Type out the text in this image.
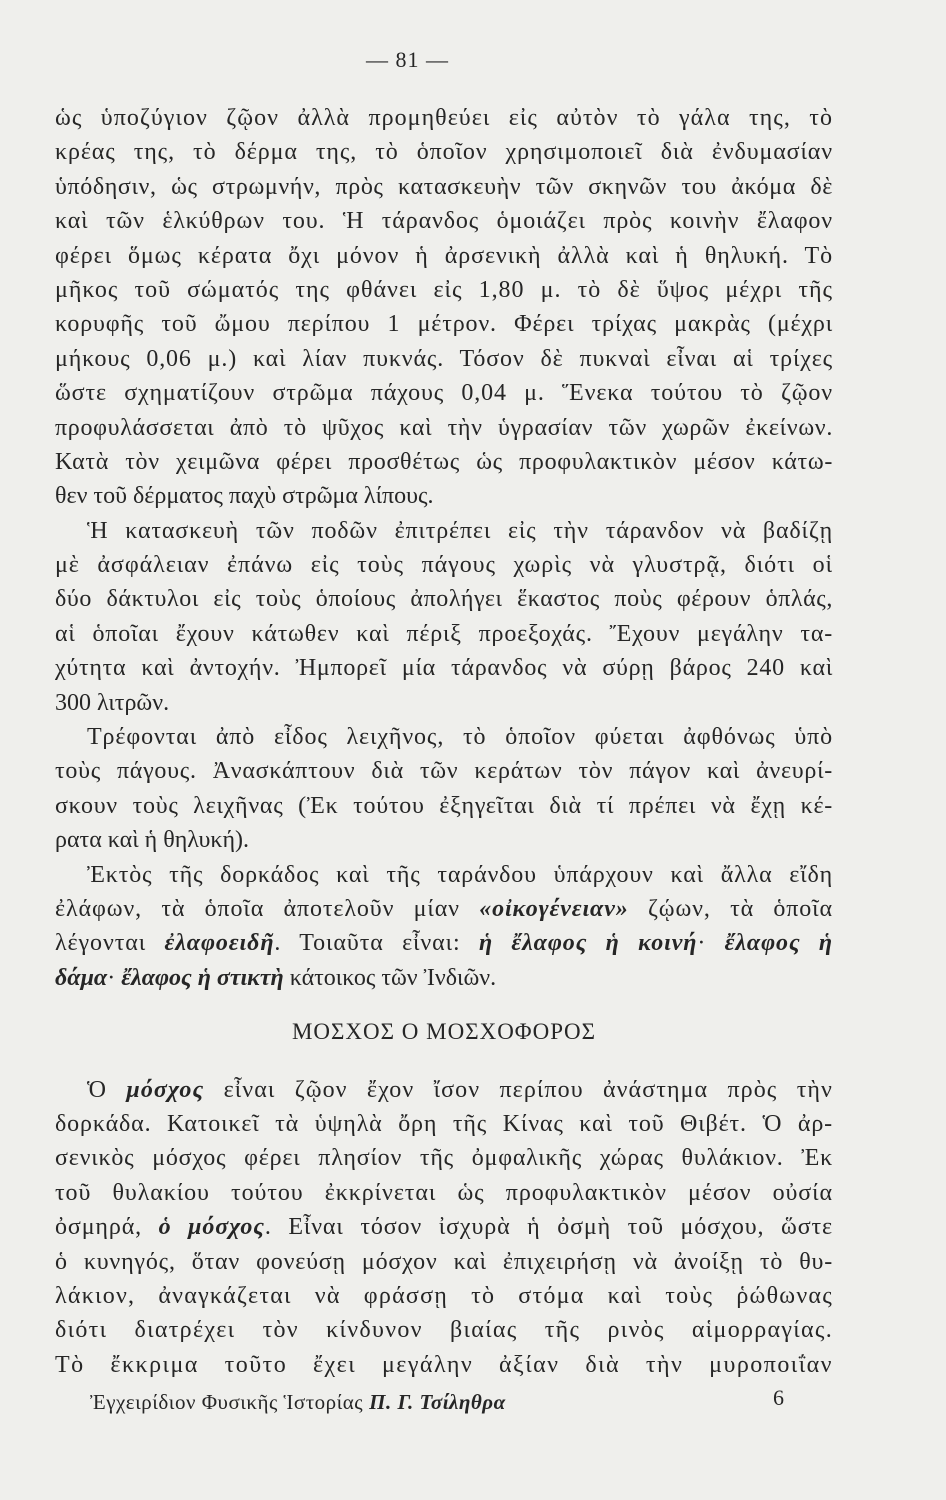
— 81 —
ὡς ὑποζύγιον ζῷον ἀλλὰ προμηθεύει εἰς αὐτὸν τὸ γάλα της, τὸ
κρέας της, τὸ δέρμα της, τὸ ὁποῖον χρησιμοποιεῖ διὰ ἐνδυμασίαν
ὑπόδησιν, ὡς στρωμνήν, πρὸς κατασκευὴν τῶν σκηνῶν του ἀκόμα δὲ
καὶ τῶν ἑλκύθρων του. Ἡ τάρανδος ὁμοιάζει πρὸς κοινὴν ἔλαφον
φέρει ὅμως κέρατα ὄχι μόνον ἡ ἀρσενικὴ ἀλλὰ καὶ ἡ θηλυκή. Τὸ
μῆκος τοῦ σώματός της φθάνει εἰς 1,80 μ. τὸ δὲ ὕψος μέχρι τῆς
κορυφῆς τοῦ ὤμου περίπου 1 μέτρον. Φέρει τρίχας μακρὰς (μέχρι
μήκους 0,06 μ.) καὶ λίαν πυκνάς. Τόσον δὲ πυκναὶ εἶναι αἱ τρίχες
ὥστε σχηματίζουν στρῶμα πάχους 0,04 μ. Ἕνεκα τούτου τὸ ζῷον
προφυλάσσεται ἀπὸ τὸ ψῦχος καὶ τὴν ὑγρασίαν τῶν χωρῶν ἐκείνων.
Κατὰ τὸν χειμῶνα φέρει προσθέτως ὡς προφυλακτικὸν μέσον κάτω-
θεν τοῦ δέρματος παχὺ στρῶμα λίπους.
Ἡ κατασκευὴ τῶν ποδῶν ἐπιτρέπει εἰς τὴν τάρανδον νὰ βαδίζῃ
μὲ ἀσφάλειαν ἐπάνω εἰς τοὺς πάγους χωρὶς νὰ γλυστρᾷ, διότι οἱ
δύο δάκτυλοι εἰς τοὺς ὁποίους ἀπολήγει ἕκαστος ποὺς φέρουν ὁπλάς,
αἱ ὁποῖαι ἔχουν κάτωθεν καὶ πέριξ προεξοχάς. Ἔχουν μεγάλην τα-
χύτητα καὶ ἀντοχήν. Ἠμπορεῖ μία τάρανδος νὰ σύρῃ βάρος 240 καὶ
300 λιτρῶν.
Τρέφονται ἀπὸ εἶδος λειχῆνος, τὸ ὁποῖον φύεται ἀφθόνως ὑπὸ
τοὺς πάγους. Ἀνασκάπτουν διὰ τῶν κεράτων τὸν πάγον καὶ ἀνευρί-
σκουν τοὺς λειχῆνας (Ἐκ τούτου ἐξηγεῖται διὰ τί πρέπει νὰ ἔχῃ κέ-
ρατα καὶ ἡ θηλυκή).
Ἐκτὸς τῆς δορκάδος καὶ τῆς ταράνδου ὑπάρχουν καὶ ἄλλα εἴδη
ἐλάφων, τὰ ὁποῖα ἀποτελοῦν μίαν «οἰκογένειαν» ζῴων, τὰ ὁποῖα
λέγονται ἐλαφοειδῆ. Τοιαῦτα εἶναι: ἡ ἔλαφος ἡ κοινή· ἔλαφος ἡ
δάμα· ἔλαφος ἡ στικτὴ κάτοικος τῶν Ἰνδιῶν.
ΜΟΣΧΟΣ Ο ΜΟΣΧΟΦΟΡΟΣ
Ὁ μόσχος εἶναι ζῷον ἔχον ἴσον περίπου ἀνάστημα πρὸς τὴν
δορκάδα. Κατοικεῖ τὰ ὑψηλὰ ὄρη τῆς Κίνας καὶ τοῦ Θιβέτ. Ὁ ἀρ-
σενικὸς μόσχος φέρει πλησίον τῆς ὀμφαλικῆς χώρας θυλάκιον. Ἐκ
τοῦ θυλακίου τούτου ἐκκρίνεται ὡς προφυλακτικὸν μέσον οὐσία
ὀσμηρά, ὁ μόσχος. Εἶναι τόσον ἰσχυρὰ ἡ ὀσμὴ τοῦ μόσχου, ὥστε
ὁ κυνηγός, ὅταν φονεύσῃ μόσχον καὶ ἐπιχειρήσῃ νὰ ἀνοίξῃ τὸ θυ-
λάκιον, ἀναγκάζεται νὰ φράσσῃ τὸ στόμα καὶ τοὺς ῥώθωνας
διότι διατρέχει τὸν κίνδυνον βιαίας τῆς ρινὸς αἱμορραγίας.
Τὸ ἔκκριμα τοῦτο ἔχει μεγάλην ἀξίαν διὰ τὴν μυροποιΐαν
Ἐγχειρίδιον Φυσικῆς Ἱστορίας Π. Γ. Τσίληθρα	6
